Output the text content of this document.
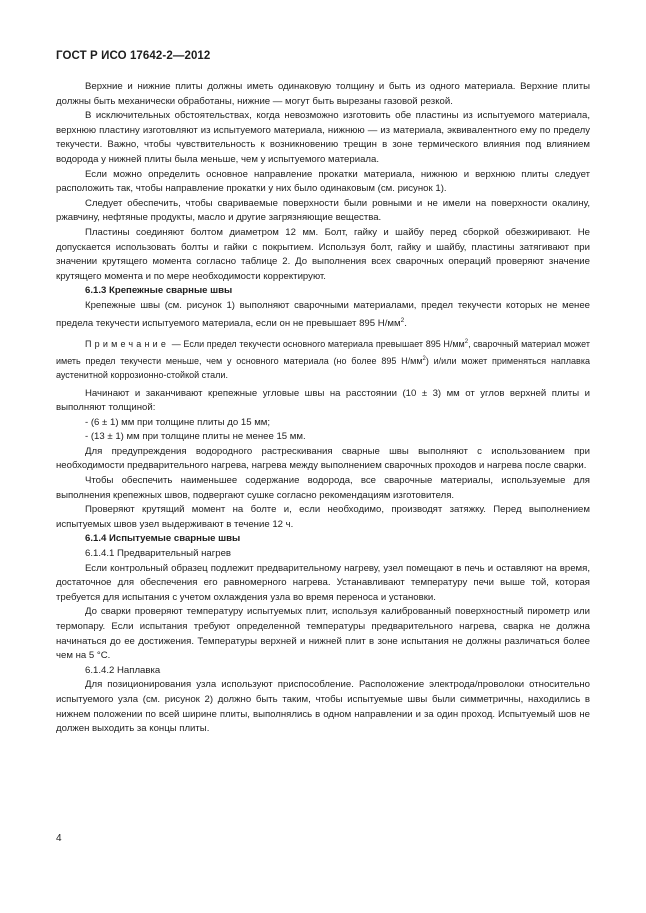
ГОСТ Р ИСО 17642-2—2012

Верхние и нижние плиты должны иметь одинаковую толщину и быть из одного материала. Верхние плиты должны быть механически обработаны, нижние — могут быть вырезаны газовой резкой.

В исключительных обстоятельствах, когда невозможно изготовить обе пластины из испытуемого материала, верхнюю пластину изготовляют из испытуемого материала, нижнюю — из материала, эквивалентного ему по пределу текучести. Важно, чтобы чувствительность к возникновению трещин в зоне термического влияния под влиянием водорода у нижней плиты была меньше, чем у испытуемого материала.

Если можно определить основное направление прокатки материала, нижнюю и верхнюю плиты следует расположить так, чтобы направление прокатки у них было одинаковым (см. рисунок 1).

Следует обеспечить, чтобы свариваемые поверхности были ровными и не имели на поверхности окалину, ржавчину, нефтяные продукты, масло и другие загрязняющие вещества.

Пластины соединяют болтом диаметром 12 мм. Болт, гайку и шайбу перед сборкой обезжиривают. Не допускается использовать болты и гайки с покрытием. Используя болт, гайку и шайбу, пластины затягивают при значении крутящего момента согласно таблице 2. До выполнения всех сварочных операций проверяют значение крутящего момента и по мере необходимости корректируют.

6.1.3 Крепежные сварные швы

Крепежные швы (см. рисунок 1) выполняют сварочными материалами, предел текучести которых не менее предела текучести испытуемого материала, если он не превышает 895 $Н/мм^2$.

Примечание — Если предел текучести основного материала превышает 895 $Н/мм^2$, сварочный материал может иметь предел текучести меньше, чем у основного материала (но более 895 $Н/мм^2$) и/или может применяться наплавка аустенитной коррозионно-стойкой стали.

Начинают и заканчивают крепежные угловые швы на расстоянии (10 ± 3) мм от углов верхней плиты и выполняют толщиной:

- (6 ± 1) мм при толщине плиты до 15 мм;

- (13 ± 1) мм при толщине плиты не менее 15 мм.

Для предупреждения водородного растрескивания сварные швы выполняют с использованием при необходимости предварительного нагрева, нагрева между выполнением сварочных проходов и нагрева после сварки.

Чтобы обеспечить наименьшее содержание водорода, все сварочные материалы, используемые для выполнения крепежных швов, подвергают сушке согласно рекомендациям изготовителя.

Проверяют крутящий момент на болте и, если необходимо, производят затяжку. Перед выполнением испытуемых швов узел выдерживают в течение 12 ч.

6.1.4 Испытуемые сварные швы

6.1.4.1 Предварительный нагрев

Если контрольный образец подлежит предварительному нагреву, узел помещают в печь и оставляют на время, достаточное для обеспечения его равномерного нагрева. Устанавливают температуру печи выше той, которая требуется для испытания с учетом охлаждения узла во время переноса и установки.

До сварки проверяют температуру испытуемых плит, используя калиброванный поверхностный пирометр или термопару. Если испытания требуют определенной температуры предварительного нагрева, сварка не должна начинаться до ее достижения. Температуры верхней и нижней плит в зоне испытания не должны различаться более чем на 5 °С.

6.1.4.2 Наплавка

Для позиционирования узла используют приспособление. Расположение электрода/проволоки относительно испытуемого узла (см. рисунок 2) должно быть таким, чтобы испытуемые швы были симметричны, находились в нижнем положении по всей ширине плиты, выполнялись в одном направлении и за один проход. Испытуемый шов не должен выходить за концы плиты.

4
